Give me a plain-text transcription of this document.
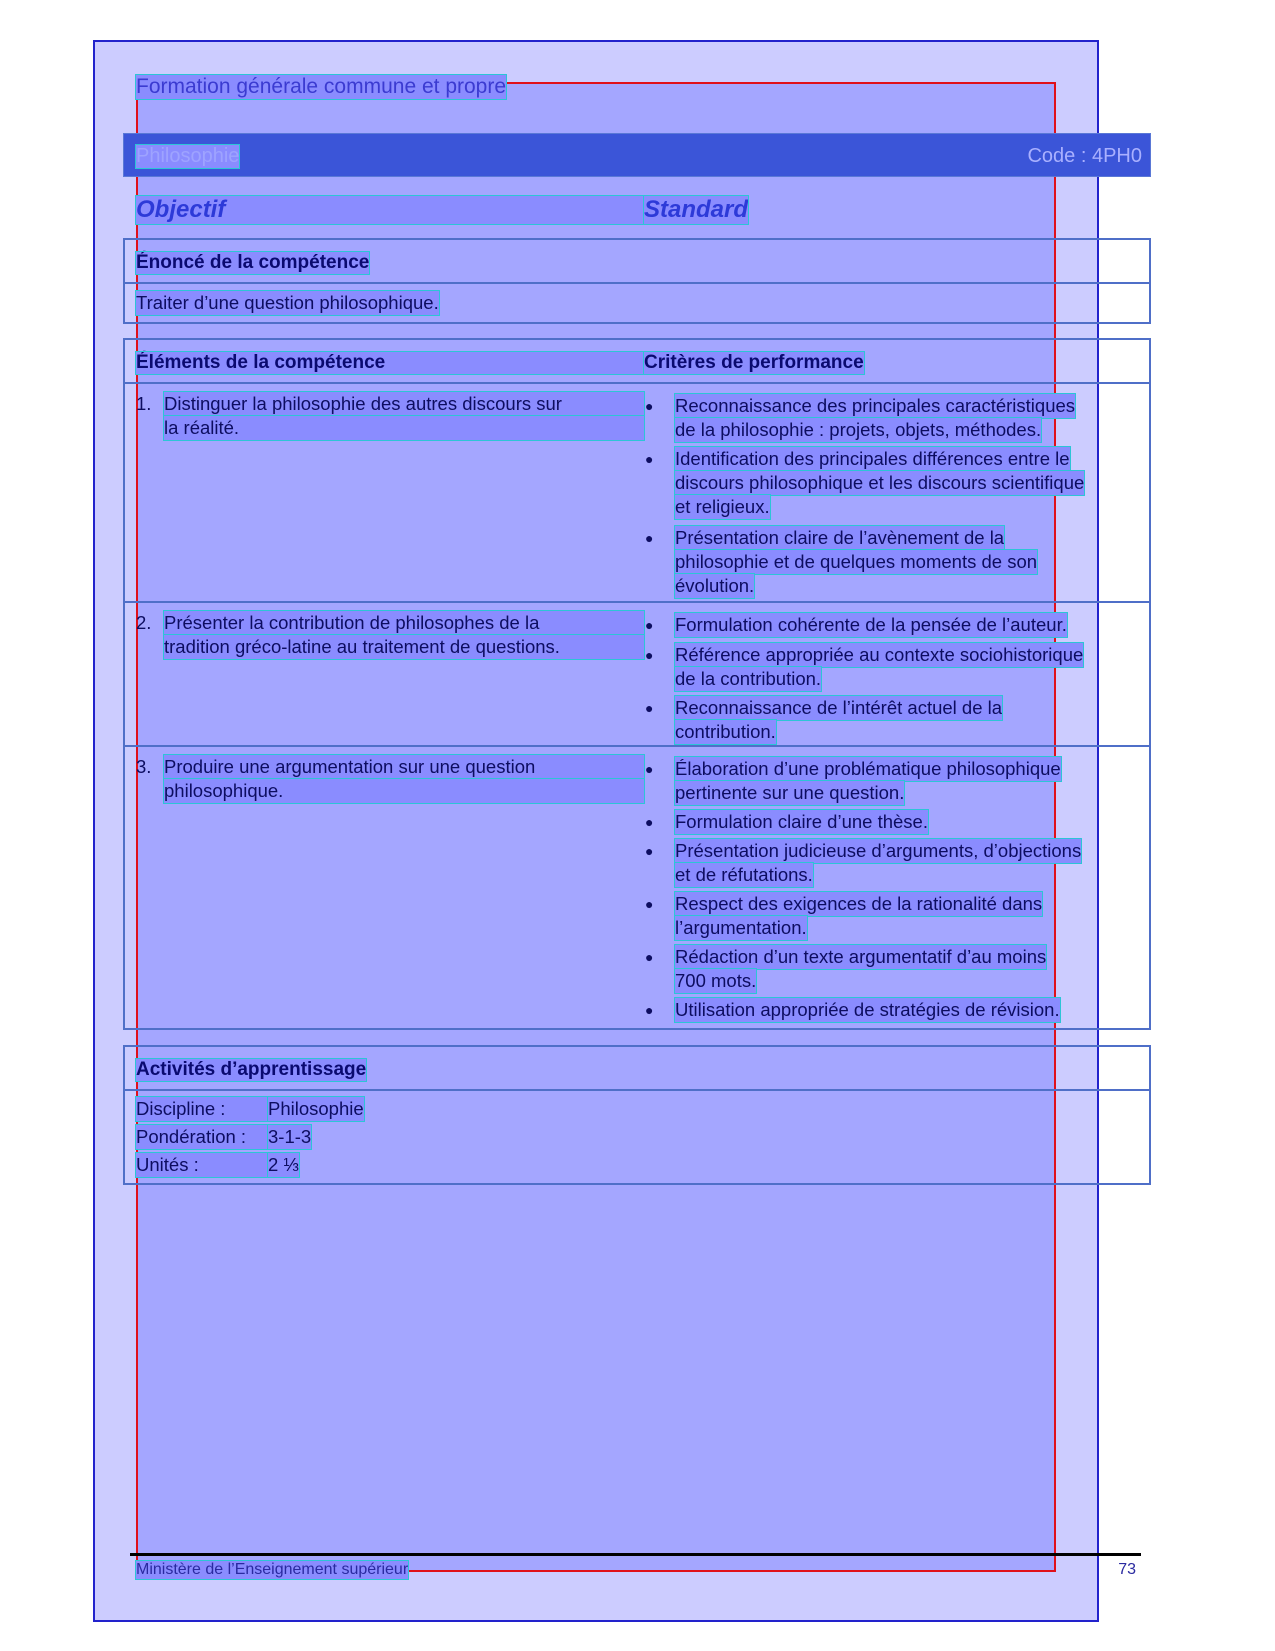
Formation générale commune et propre
Philosophie	Code : 4PH0
Objectif	Standard
Énoncé de la compétence
Traiter d’une question philosophique.
Éléments de la compétence	Critères de performance
1. Distinguer la philosophie des autres discours sur
la réalité.
● Reconnaissance des principales caractéristiques
de la philosophie : projets, objets, méthodes.
● Identification des principales différences entre le
discours philosophique et les discours scientifique
et religieux.
● Présentation claire de l’avènement de la
philosophie et de quelques moments de son
évolution.
2. Présenter la contribution de philosophes de la
tradition gréco-latine au traitement de questions.
● Formulation cohérente de la pensée de l’auteur.
● Référence appropriée au contexte sociohistorique
de la contribution.
● Reconnaissance de l’intérêt actuel de la
contribution.
3. Produire une argumentation sur une question
philosophique.
● Élaboration d’une problématique philosophique
pertinente sur une question.
● Formulation claire d’une thèse.
● Présentation judicieuse d’arguments, d’objections
et de réfutations.
● Respect des exigences de la rationalité dans
l’argumentation.
● Rédaction d’un texte argumentatif d’au moins
700 mots.
● Utilisation appropriée de stratégies de révision.
Activités d’apprentissage
Discipline :	Philosophie
Pondération :	3-1-3
Unités :	2 ⅓
Ministère de l’Enseignement supérieur	73
